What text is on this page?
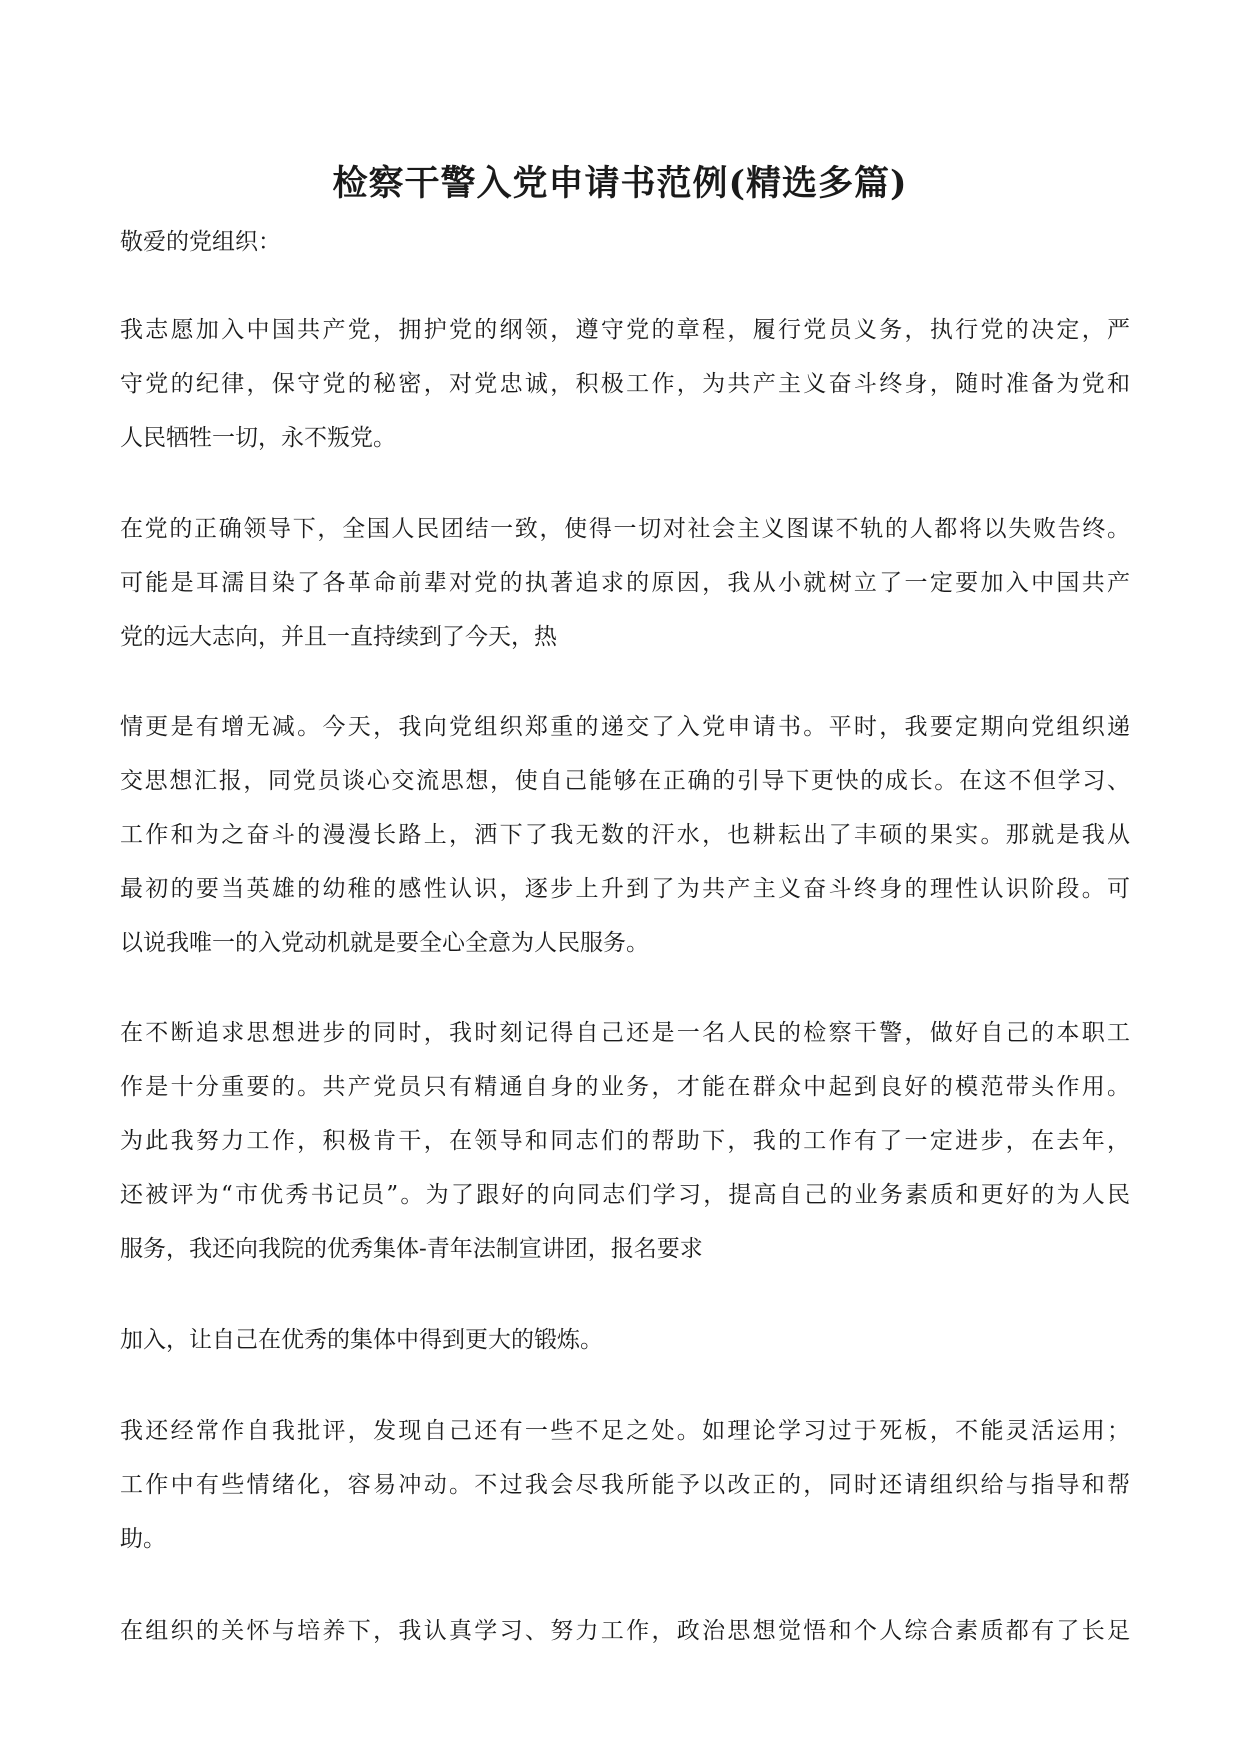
检察干警入党申请书范例(精选多篇)

敬爱的党组织：

我志愿加入中国共产党，拥护党的纲领，遵守党的章程，履行党员义务，执行党的决定，严

守党的纪律，保守党的秘密，对党忠诚，积极工作，为共产主义奋斗终身，随时准备为党和

人民牺牲一切，永不叛党。

在党的正确领导下，全国人民团结一致，使得一切对社会主义图谋不轨的人都将以失败告终。

可能是耳濡目染了各革命前辈对党的执著追求的原因，我从小就树立了一定要加入中国共产

党的远大志向，并且一直持续到了今天，热

情更是有增无减。今天，我向党组织郑重的递交了入党申请书。平时，我要定期向党组织递

交思想汇报，同党员谈心交流思想，使自己能够在正确的引导下更快的成长。在这不但学习、

工作和为之奋斗的漫漫长路上，洒下了我无数的汗水，也耕耘出了丰硕的果实。那就是我从

最初的要当英雄的幼稚的感性认识，逐步上升到了为共产主义奋斗终身的理性认识阶段。可

以说我唯一的入党动机就是要全心全意为人民服务。

在不断追求思想进步的同时，我时刻记得自己还是一名人民的检察干警，做好自己的本职工

作是十分重要的。共产党员只有精通自身的业务，才能在群众中起到良好的模范带头作用。

为此我努力工作，积极肯干，在领导和同志们的帮助下，我的工作有了一定进步，在去年，

还被评为“市优秀书记员”。为了跟好的向同志们学习，提高自己的业务素质和更好的为人民

服务，我还向我院的优秀集体-青年法制宣讲团，报名要求

加入，让自己在优秀的集体中得到更大的锻炼。

我还经常作自我批评，发现自己还有一些不足之处。如理论学习过于死板，不能灵活运用；

工作中有些情绪化，容易冲动。不过我会尽我所能予以改正的，同时还请组织给与指导和帮

助。

在组织的关怀与培养下，我认真学习、努力工作，政治思想觉悟和个人综合素质都有了长足
